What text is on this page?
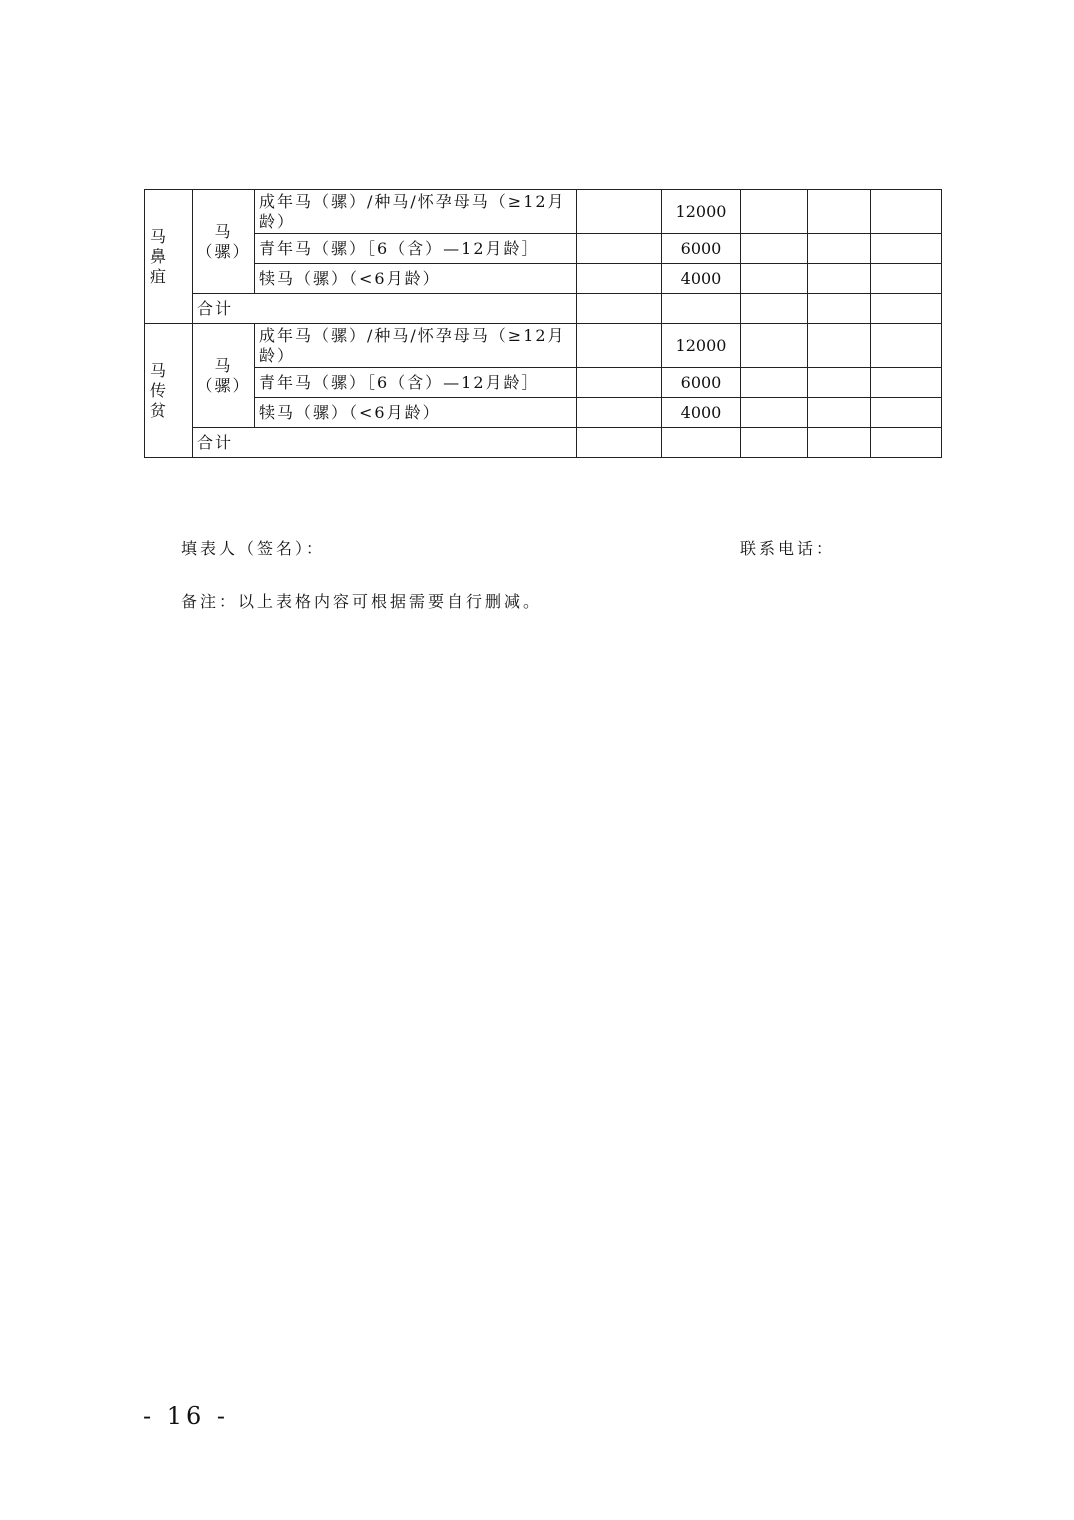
马鼻疽	马（骡）	成年马（骡）/种马/怀孕母马（≥12月龄）		12000			
		青年马（骡）［6（含）—12月龄］		6000			
		犊马（骡）（<6月龄）		4000			
	合计						
马传贫	马（骡）	成年马（骡）/种马/怀孕母马（≥12月龄）		12000			
		青年马（骡）［6（含）—12月龄］		6000			
		犊马（骡）（<6月龄）		4000			
	合计						
填表人（签名）：	联系电话：
备注：以上表格内容可根据需要自行删减。
- 16 -
